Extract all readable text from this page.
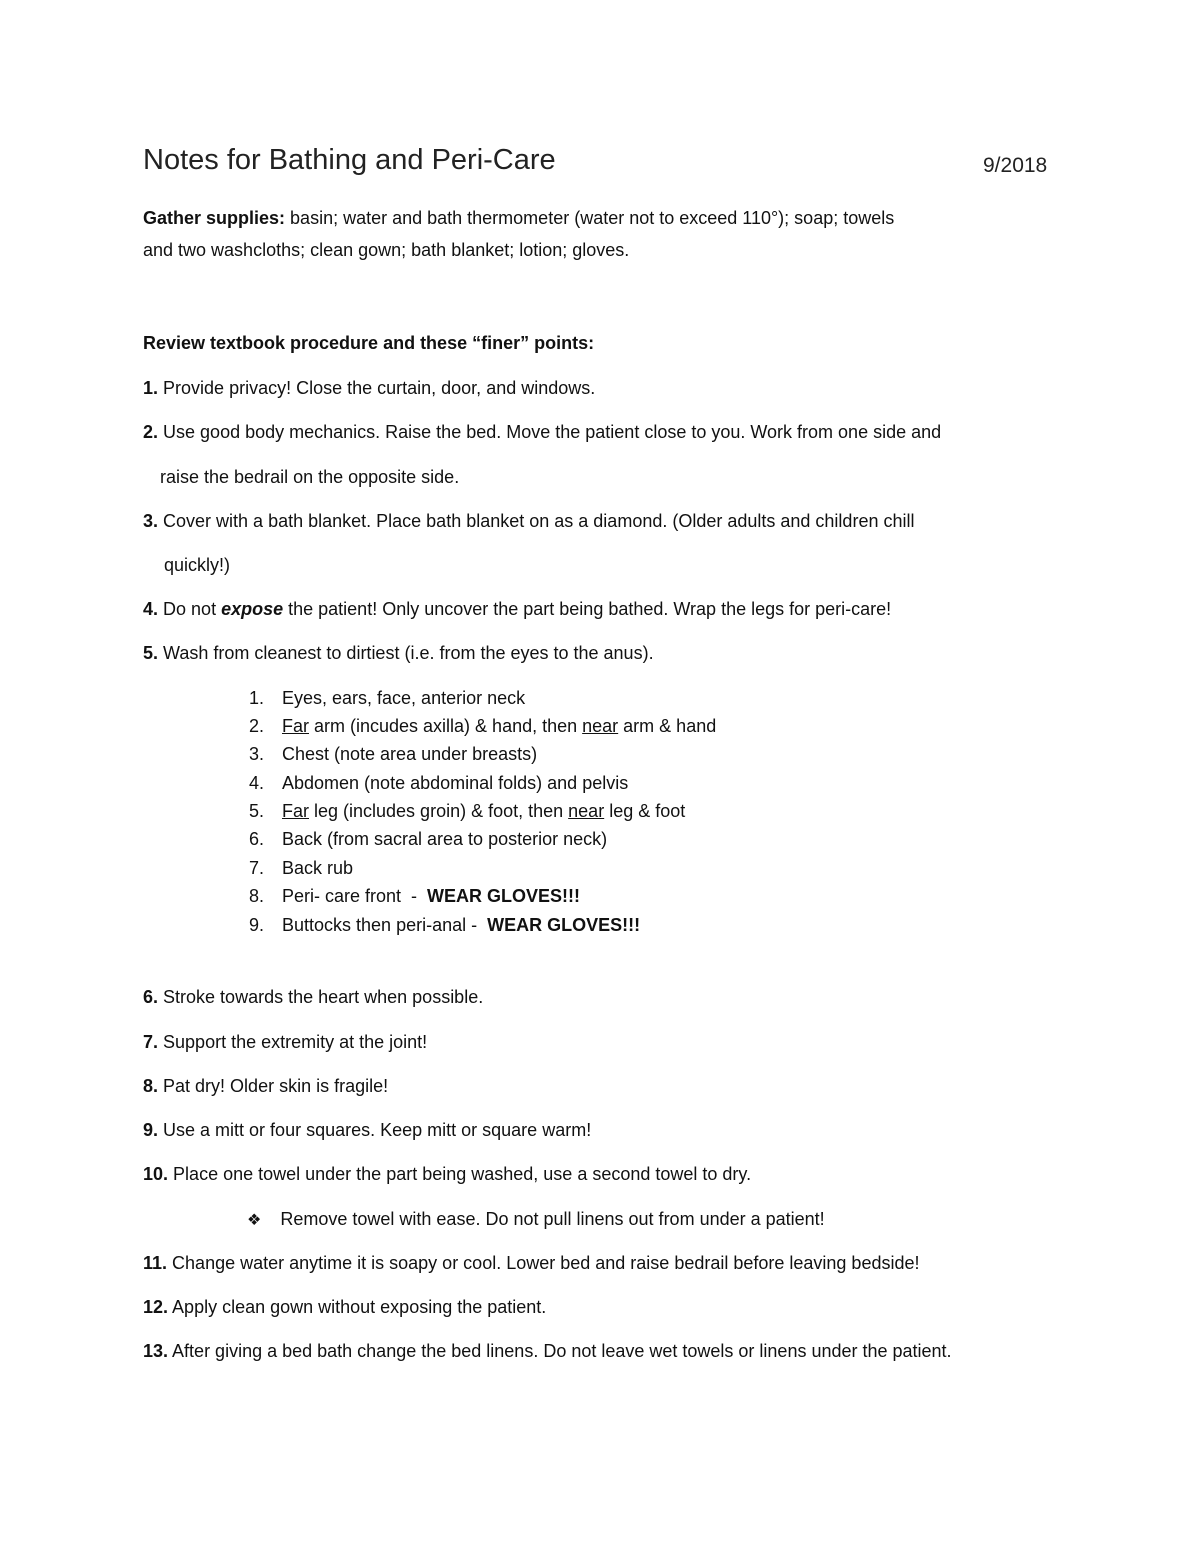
Notes for Bathing and Peri-Care	9/2018
Gather supplies: basin; water and bath thermometer (water not to exceed 110°); soap; towels
and two washcloths; clean gown; bath blanket; lotion; gloves.
Review textbook procedure and these “finer” points:
1. Provide privacy! Close the curtain, door, and windows.
2. Use good body mechanics. Raise the bed. Move the patient close to you. Work from one side and
raise the bedrail on the opposite side.
3. Cover with a bath blanket. Place bath blanket on as a diamond. (Older adults and children chill
quickly!)
4. Do not expose the patient! Only uncover the part being bathed. Wrap the legs for peri-care!
5. Wash from cleanest to dirtiest (i.e. from the eyes to the anus).
1. Eyes, ears, face, anterior neck
2. Far arm (incudes axilla) & hand, then near arm & hand
3. Chest (note area under breasts)
4. Abdomen (note abdominal folds) and pelvis
5. Far leg (includes groin) & foot, then near leg & foot
6. Back (from sacral area to posterior neck)
7. Back rub
8. Peri- care front  -  WEAR GLOVES!!!
9. Buttocks then peri-anal -  WEAR GLOVES!!!
6. Stroke towards the heart when possible.
7. Support the extremity at the joint!
8. Pat dry! Older skin is fragile!
9. Use a mitt or four squares. Keep mitt or square warm!
10. Place one towel under the part being washed, use a second towel to dry.
❖ Remove towel with ease. Do not pull linens out from under a patient!
11. Change water anytime it is soapy or cool. Lower bed and raise bedrail before leaving bedside!
12. Apply clean gown without exposing the patient.
13. After giving a bed bath change the bed linens. Do not leave wet towels or linens under the patient.
